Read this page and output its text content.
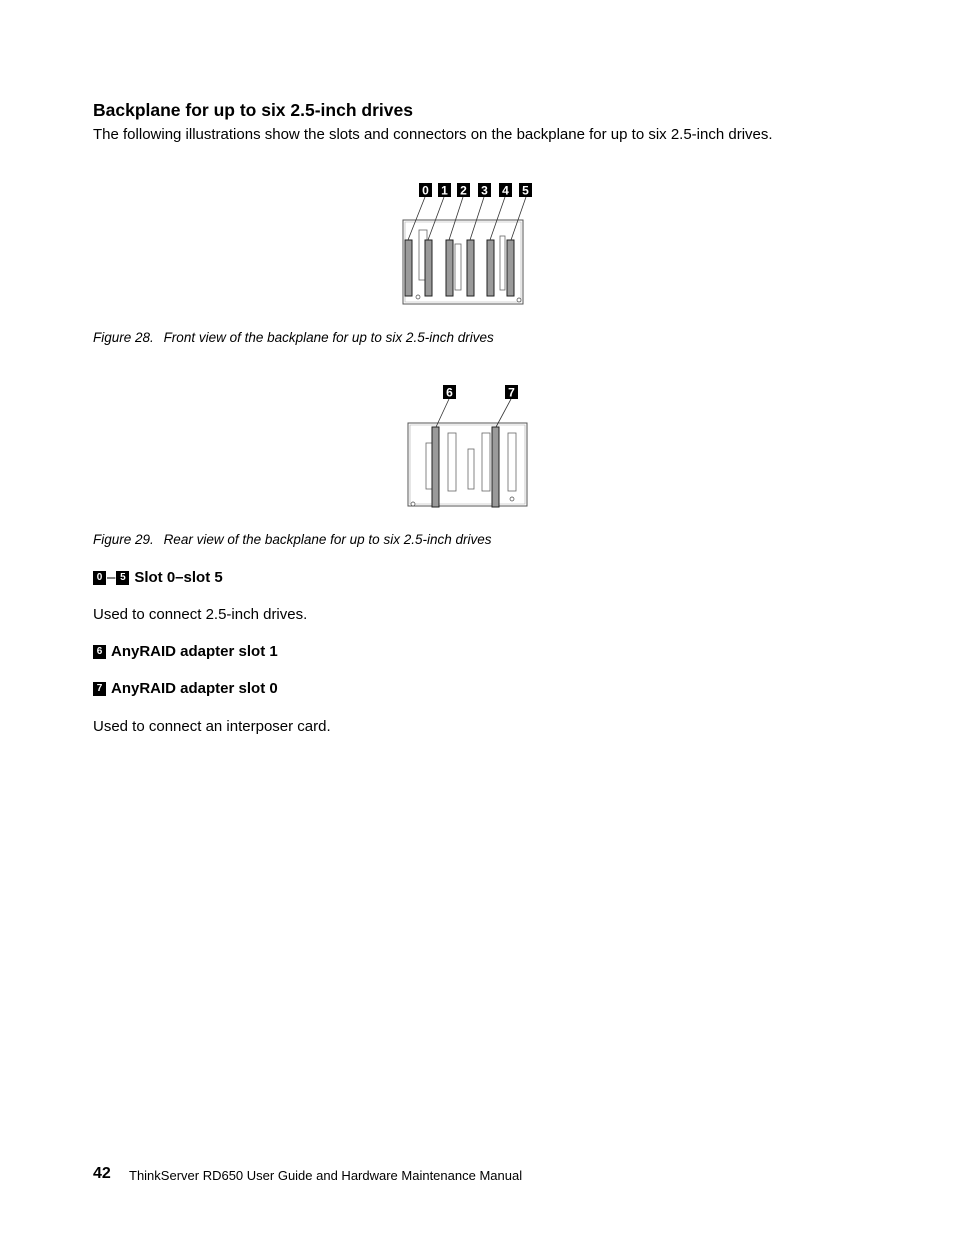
Backplane for up to six 2.5-inch drives
The following illustrations show the slots and connectors on the backplane for up to six 2.5-inch drives.
0 1 2 3 4 5
Figure 28. Front view of the backplane for up to six 2.5-inch drives
6	7
Figure 29. Rear view of the backplane for up to six 2.5-inch drives
0 – 5 Slot 0–slot 5
Used to connect 2.5-inch drives.
6 AnyRAID adapter slot 1
7 AnyRAID adapter slot 0
Used to connect an interposer card.
42 ThinkServer RD650 User Guide and Hardware Maintenance Manual
